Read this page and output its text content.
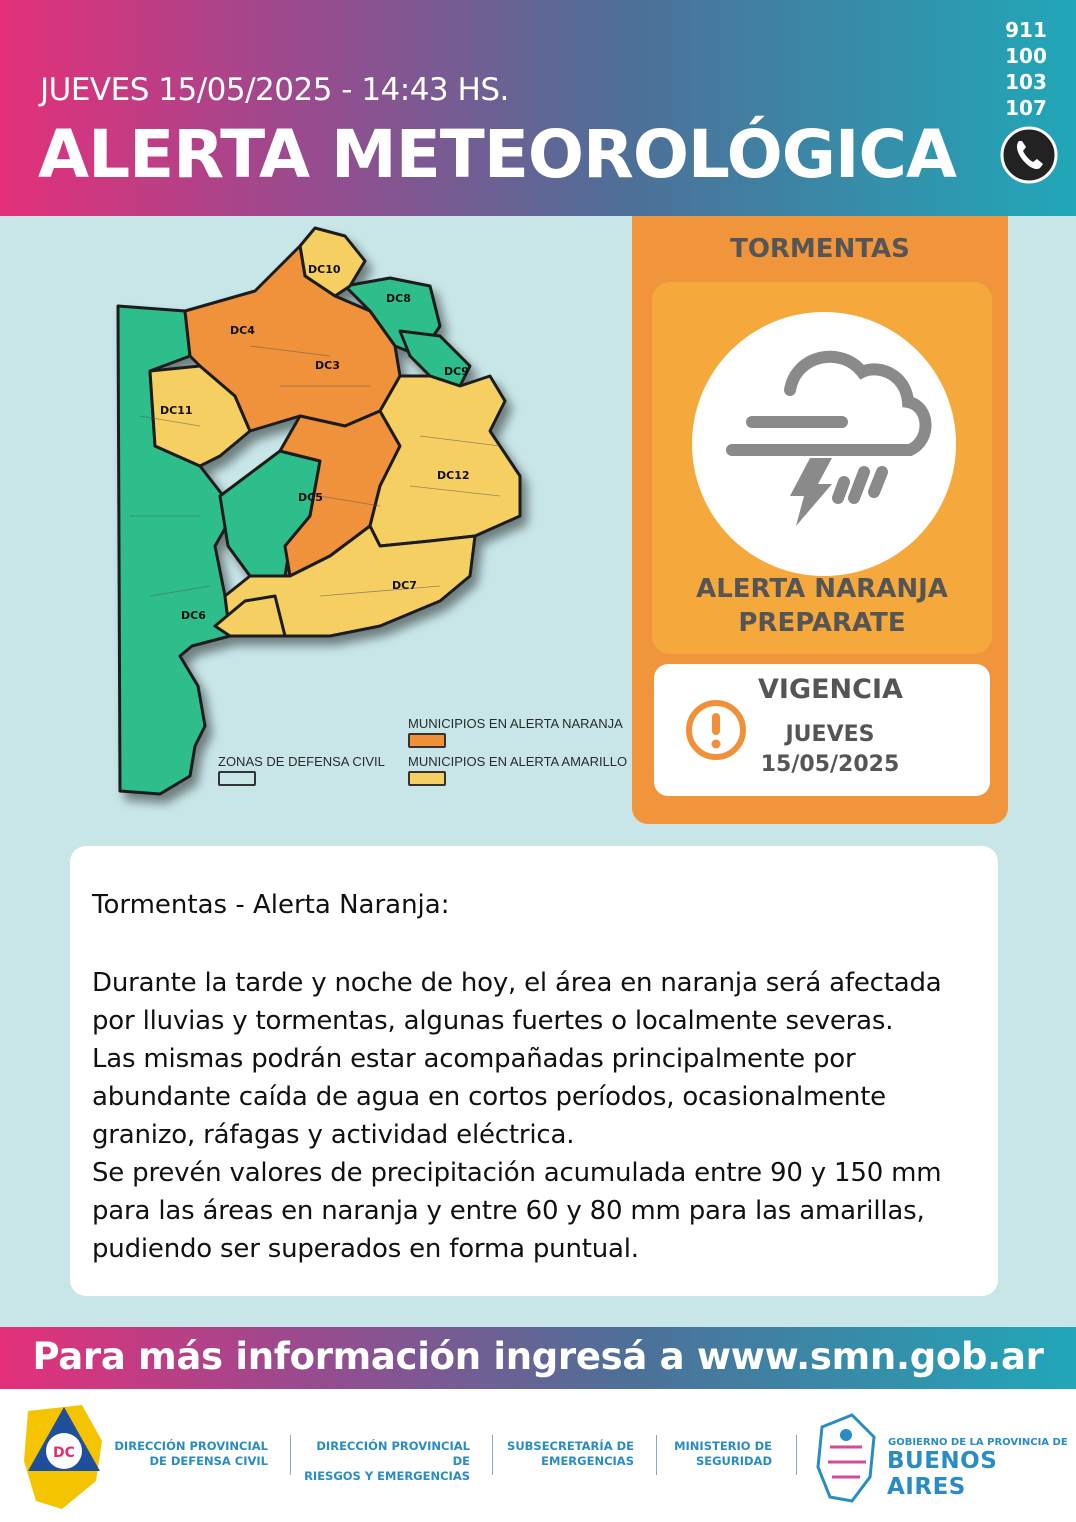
JUEVES 15/05/2025 - 14:43 HS.
ALERTA METEOROLÓGICA
911
100
103
107
DC10
DC8
DC4
DC3	DC9
DC11
DC12
DC5
DC7
DC6
MUNICIPIOS EN ALERTA NARANJA
MUNICIPIOS EN ALERTA AMARILLO
ZONAS DE DEFENSA CIVIL
TORMENTAS
ALERTA NARANJA
PREPARATE
VIGENCIA
JUEVES
15/05/2025
Tormentas - Alerta Naranja:
Durante la tarde y noche de hoy, el área en naranja será afectada
por lluvias y tormentas, algunas fuertes o localmente severas.
Las mismas podrán estar acompañadas principalmente por
abundante caída de agua en cortos períodos, ocasionalmente
granizo, ráfagas y actividad eléctrica.
Se prevén valores de precipitación acumulada entre 90 y 150 mm
para las áreas en naranja y entre 60 y 80 mm para las amarillas,
pudiendo ser superados en forma puntual.
Para más información ingresá a www.smn.gob.ar
DC	DIRECCIÓN PROVINCIAL
DE DEFENSA CIVIL
DIRECCIÓN PROVINCIAL DE
RIESGOS Y EMERGENCIAS
SUBSECRETARÍA DE
EMERGENCIAS
MINISTERIO DE
SEGURIDAD
GOBIERNO DE LA PROVINCIA DE
BUENOS AIRES
